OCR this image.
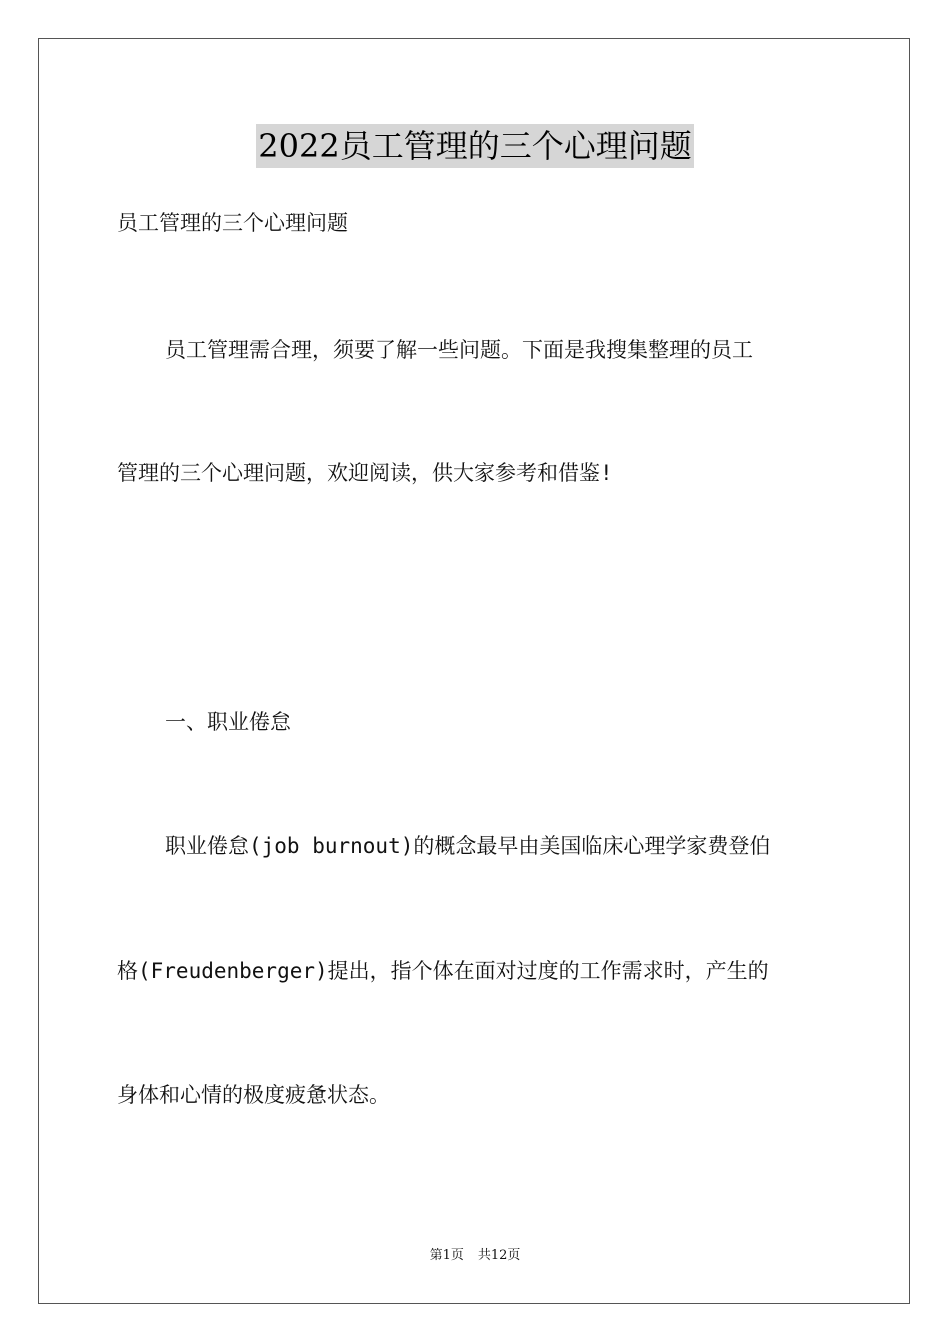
2022员工管理的三个心理问题
员工管理的三个心理问题
员工管理需合理，须要了解一些问题。下面是我搜集整理的员工
管理的三个心理问题，欢迎阅读，供大家参考和借鉴!
一、职业倦怠
职业倦怠(job burnout)的概念最早由美国临床心理学家费登伯
格(Freudenberger)提出，指个体在面对过度的工作需求时，产生的
身体和心情的极度疲惫状态。
第1页 共12页
